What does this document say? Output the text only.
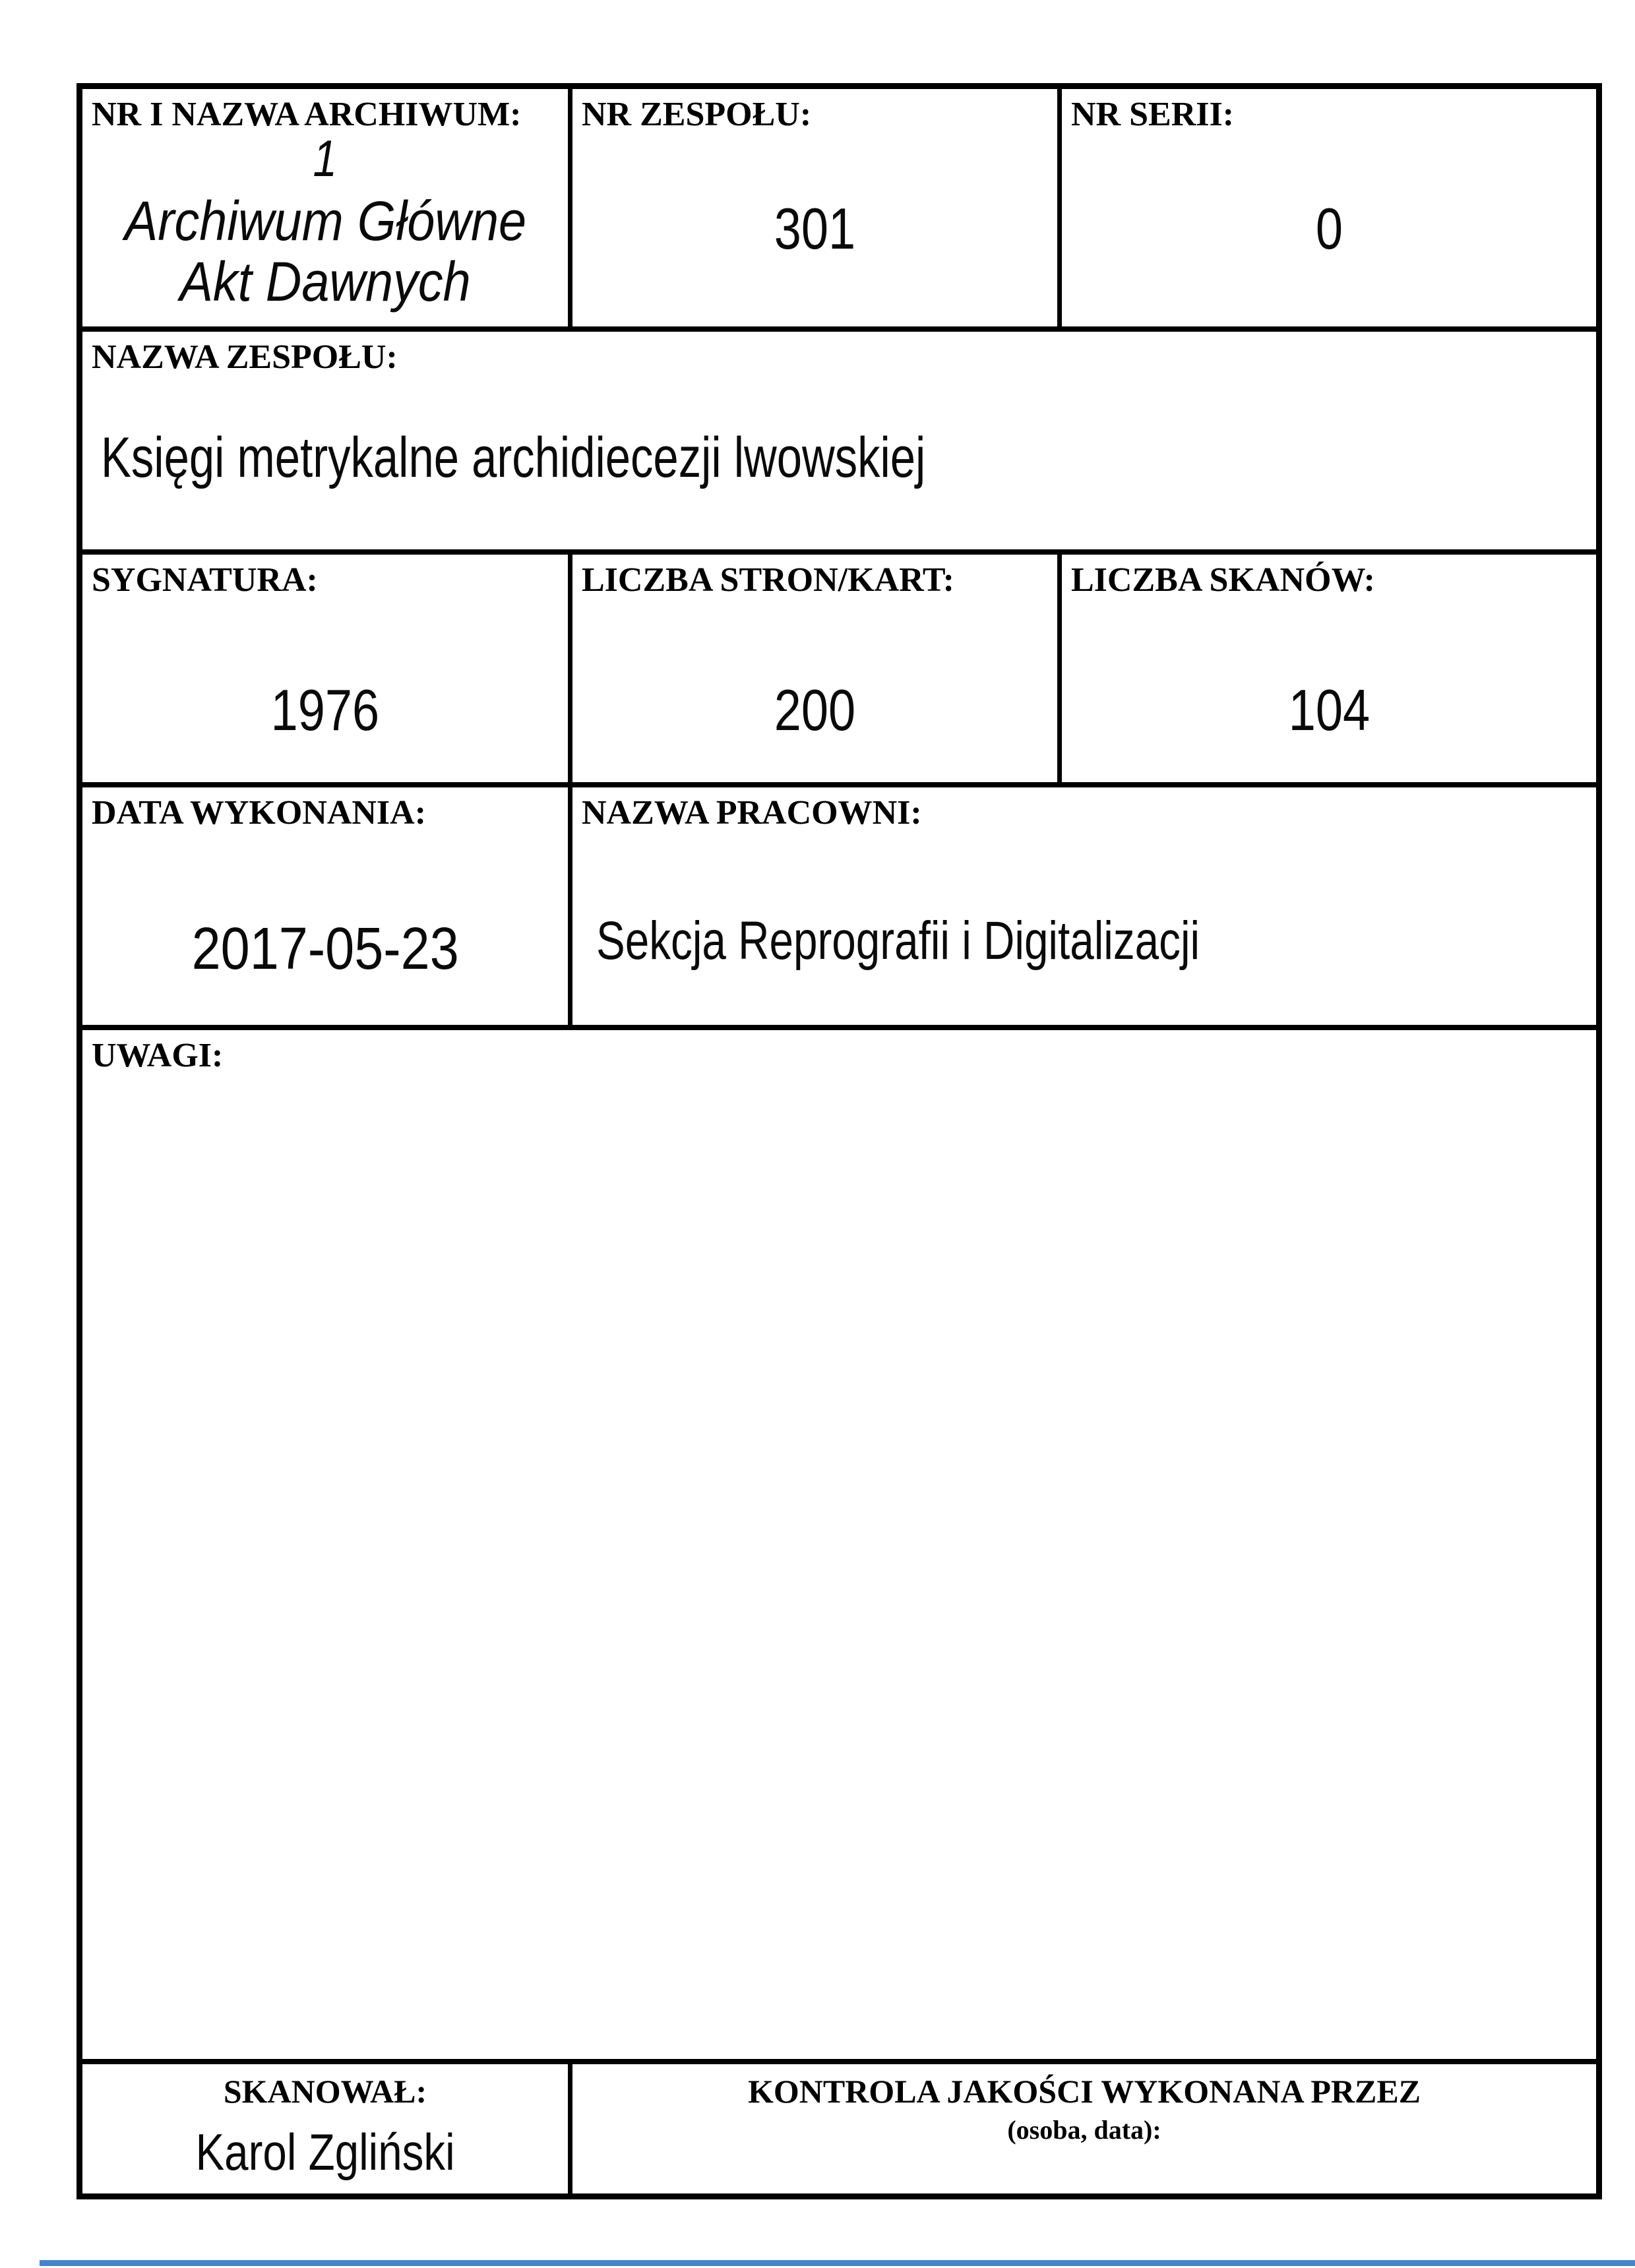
NR I NAZWA ARCHIWUM:
1
Archiwum Główne
Akt Dawnych
NR ZESPOŁU:
301
NR SERII:
0
NAZWA ZESPOŁU:
Księgi metrykalne archidiecezji lwowskiej
SYGNATURA:
1976
LICZBA STRON/KART:
200
LICZBA SKANÓW:
104
DATA WYKONANIA:
2017-05-23
NAZWA PRACOWNI:
Sekcja Reprografii i Digitalizacji
UWAGI:
SKANOWAŁ:
Karol Zgliński
KONTROLA JAKOŚCI WYKONANA PRZEZ
(osoba, data):
